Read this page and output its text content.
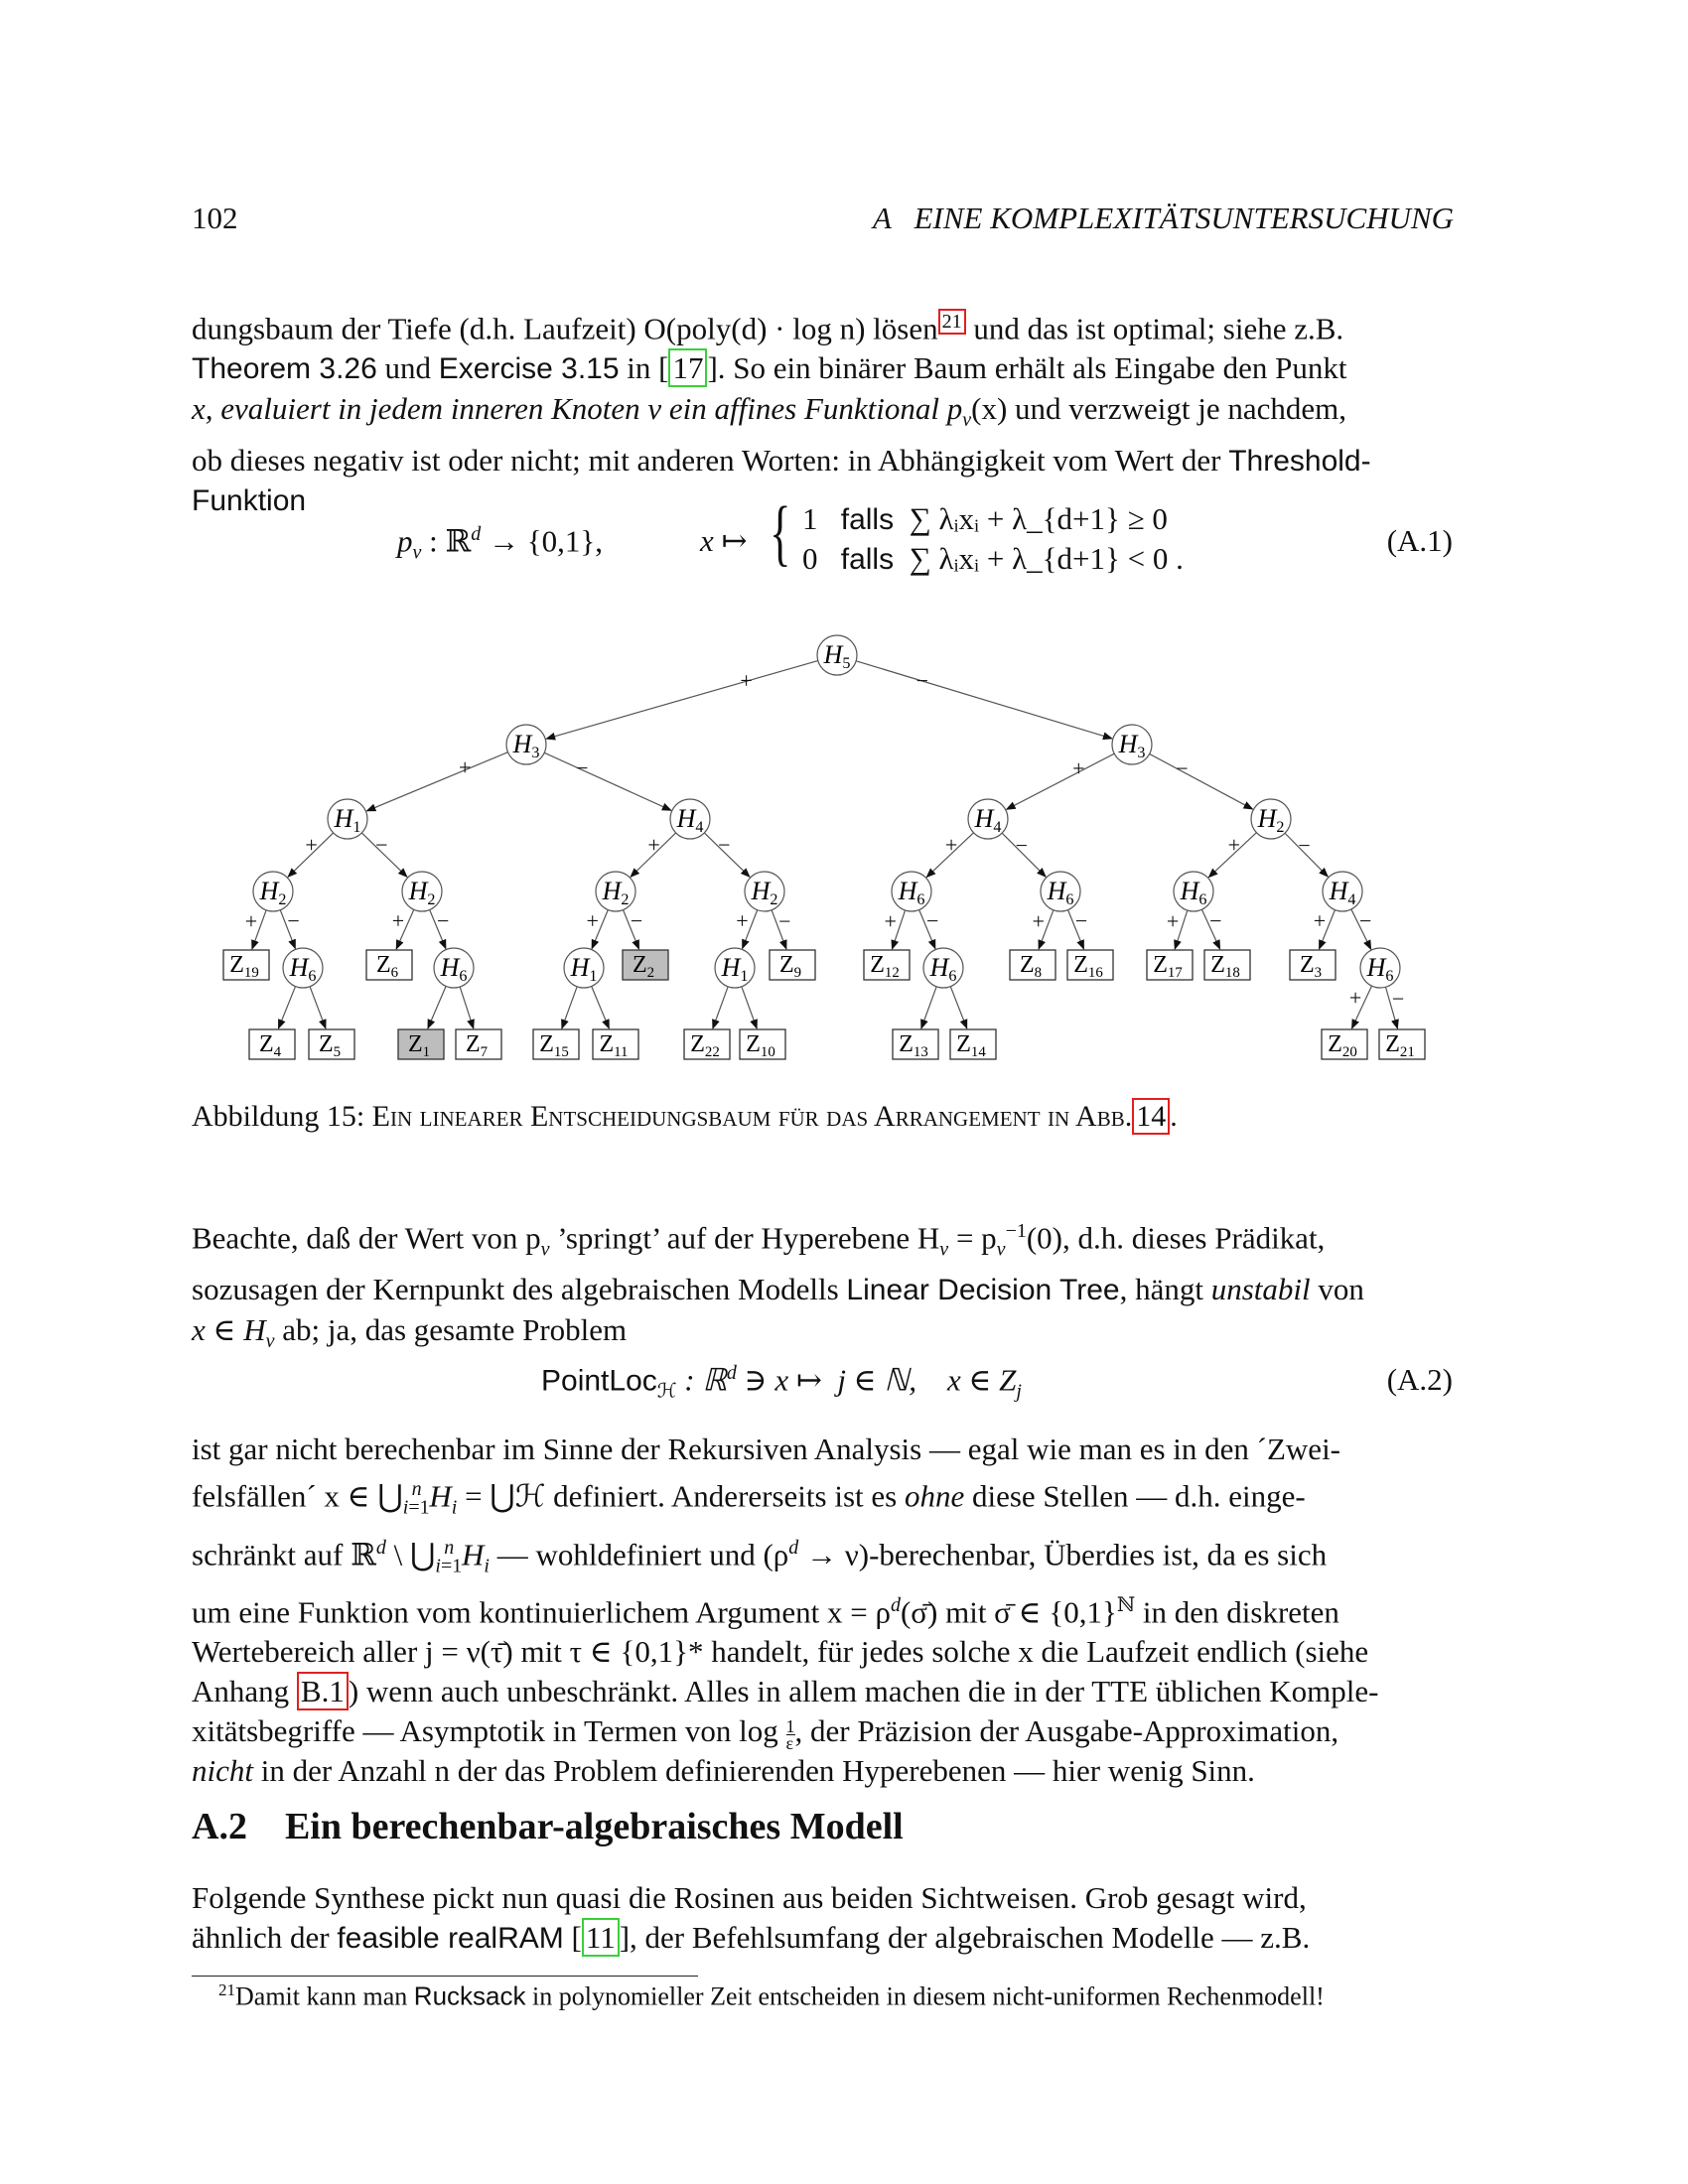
102	A   EINE KOMPLEXITÄTSUNTERSUCHUNG
dungsbaum der Tiefe (d.h. Laufzeit) O(poly(d) · log n) lösen $^{21}$ und das ist optimal; siehe z.B.
Theorem 3.26 und Exercise 3.15 in [ 17 ]. So ein binärer Baum erhält als Eingabe den Punkt
x, evaluiert in jedem inneren Knoten v ein affines Funktional $p_v(x)$ und verzweigt je nachdem,
ob dieses negativ ist oder nicht; mit anderen Worten: in Abhängigkeit vom Wert der Threshold-
Funktion
$p_v$ : ℝ$^d$ → {0,1},	x ↦ { 1 falls ∑ λᵢxᵢ + λ_{d+1} ≥ 0
0 falls ∑ λᵢxᵢ + λ_{d+1} < 0 .
(A.1)
+	−
+	−	+	−
+	−	+	−	+	−	+	−
+ −	+ −	+ −	+ −	+ −	+ −	+ −	+ −
+ −
H5
H3	H3
H1	H4	H4	H2
H2	H2	H2	H2	H6	H6	H6	H4
H6	H6	H1	H1	H6	H6
$Z_{19}$	$Z_6$	$Z_2$	$Z_9$	$Z_{12}$	$Z_8$ $Z_{16}$ $Z_{17}$ $Z_{18}$	$Z_3$
$Z_4$ $Z_5$	$Z_1$ $Z_7$ $Z_{15}$ $Z_{11}$	$Z_{22}$ $Z_{10}$	$Z_{13}$ $Z_{14}$	$Z_{20}$ $Z_{21}$
Abbildung 15: Ein linearer Entscheidungsbaum für das Arrangement in Abb. 14 .
Beachte, daß der Wert von $p_v$ ’springt’ auf der Hyperebene $H_v = p_v^{-1}(0)$, d.h. dieses Prädikat,
sozusagen der Kernpunkt des algebraischen Modells Linear Decision Tree, hängt unstabil von
x ∈ $H_v$ ab; ja, das gesamte Problem
PointLoc$_ℋ$ : ℝ$^d$ ∋ x ↦  j ∈ ℕ,    x ∈ $Z_j$	(A.2)
ist gar nicht berechenbar im Sinne der Rekursiven Analysis — egal wie man es in den ´Zwei-
felsfällen´ x ∈ $⋃_{i=1}^n$ $H_i$ = ⋃ℋ definiert. Andererseits ist es ohne diese Stellen — d.h. einge-
schränkt auf ℝ$^d$ \ $⋃_{i=1}^n$ $H_i$ — wohldefiniert und ($\rho^d$ → ν)-berechenbar, Überdies ist, da es sich
um eine Funktion vom kontinuierlichem Argument $x = \rho^d(\sigmā)$ mit σ̄ ∈ $\{0,1\}^ℕ$ in den diskreten
Wertebereich aller j = ν(τ̄) mit τ ∈ {0,1}* handelt, für jedes solche x die Laufzeit endlich (siehe
Anhang B.1 ) wenn auch unbeschränkt. Alles in allem machen die in der TTE üblichen Komple-
xitätsbegriffe — Asymptotik in Termen von $\log \frac{1}{\varepsilon}$ , der Präzision der Ausgabe-Approximation,
nicht in der Anzahl n der das Problem definierenden Hyperebenen — hier wenig Sinn.
A.2 Ein berechenbar-algebraisches Modell
Folgende Synthese pickt nun quasi die Rosinen aus beiden Sichtweisen. Grob gesagt wird,
ähnlich der feasible realRAM [ 11 ], der Befehlsumfang der algebraischen Modelle — z.B.
$^{21}$Damit kann man Rucksack in polynomieller Zeit entscheiden in diesem nicht-uniformen Rechenmodell!
